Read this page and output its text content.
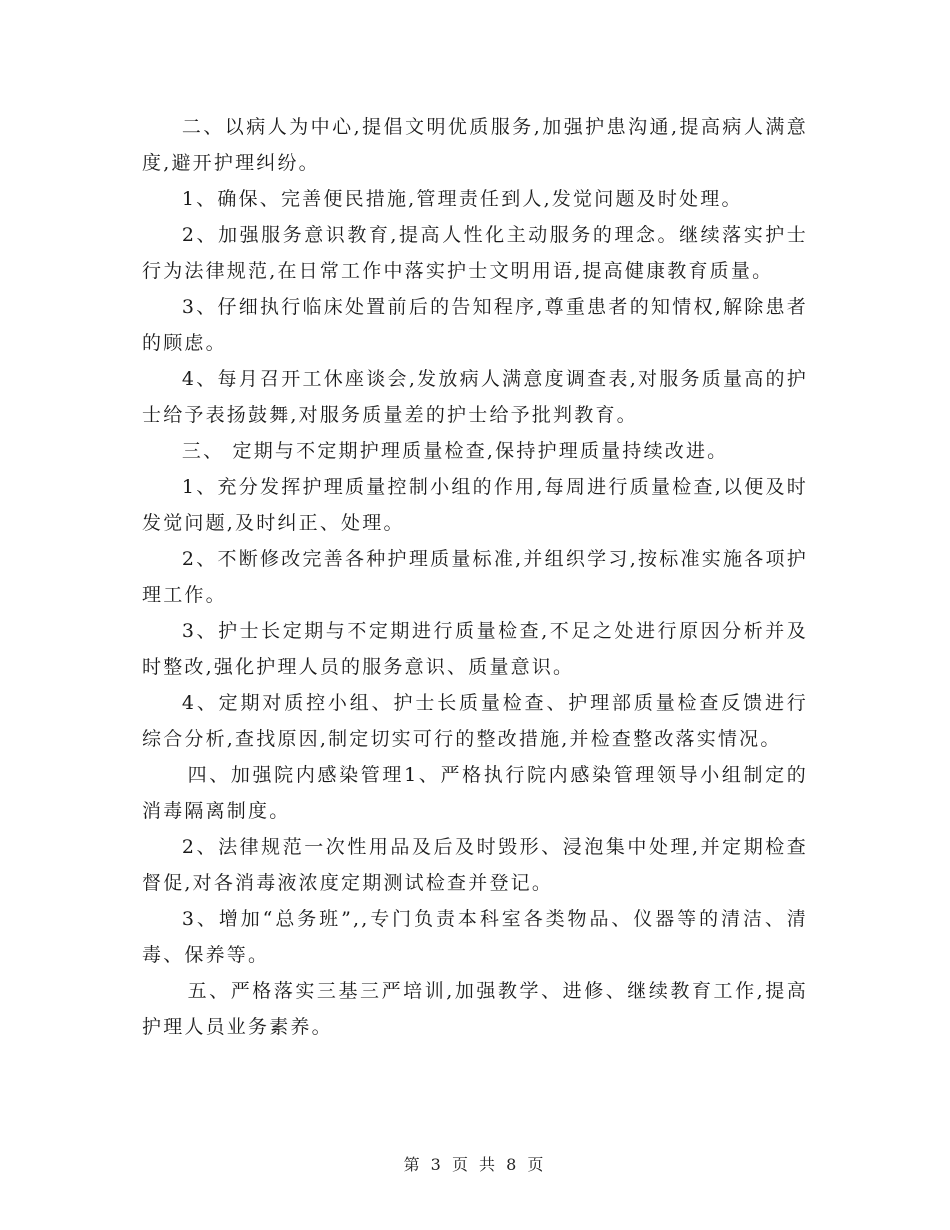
二、以病人为中心,提倡文明优质服务,加强护患沟通,提高病人满意度,避开护理纠纷。

1、确保、完善便民措施,管理责任到人,发觉问题及时处理。

2、加强服务意识教育,提高人性化主动服务的理念。继续落实护士行为法律规范,在日常工作中落实护士文明用语,提高健康教育质量。

3、仔细执行临床处置前后的告知程序,尊重患者的知情权,解除患者的顾虑。

4、每月召开工休座谈会,发放病人满意度调查表,对服务质量高的护士给予表扬鼓舞,对服务质量差的护士给予批判教育。

三、 定期与不定期护理质量检查,保持护理质量持续改进。

1、充分发挥护理质量控制小组的作用,每周进行质量检查,以便及时发觉问题,及时纠正、处理。

2、不断修改完善各种护理质量标准,并组织学习,按标准实施各项护理工作。

3、护士长定期与不定期进行质量检查,不足之处进行原因分析并及时整改,强化护理人员的服务意识、质量意识。

4、定期对质控小组、护士长质量检查、护理部质量检查反馈进行综合分析,查找原因,制定切实可行的整改措施,并检查整改落实情况。

四、加强院内感染管理1、严格执行院内感染管理领导小组制定的消毒隔离制度。

2、法律规范一次性用品及后及时毁形、浸泡集中处理,并定期检查督促,对各消毒液浓度定期测试检查并登记。

3、增加“总务班”,,专门负责本科室各类物品、仪器等的清洁、清毒、保养等。

五、严格落实三基三严培训,加强教学、进修、继续教育工作,提高护理人员业务素养。

第 3 页 共 8 页
